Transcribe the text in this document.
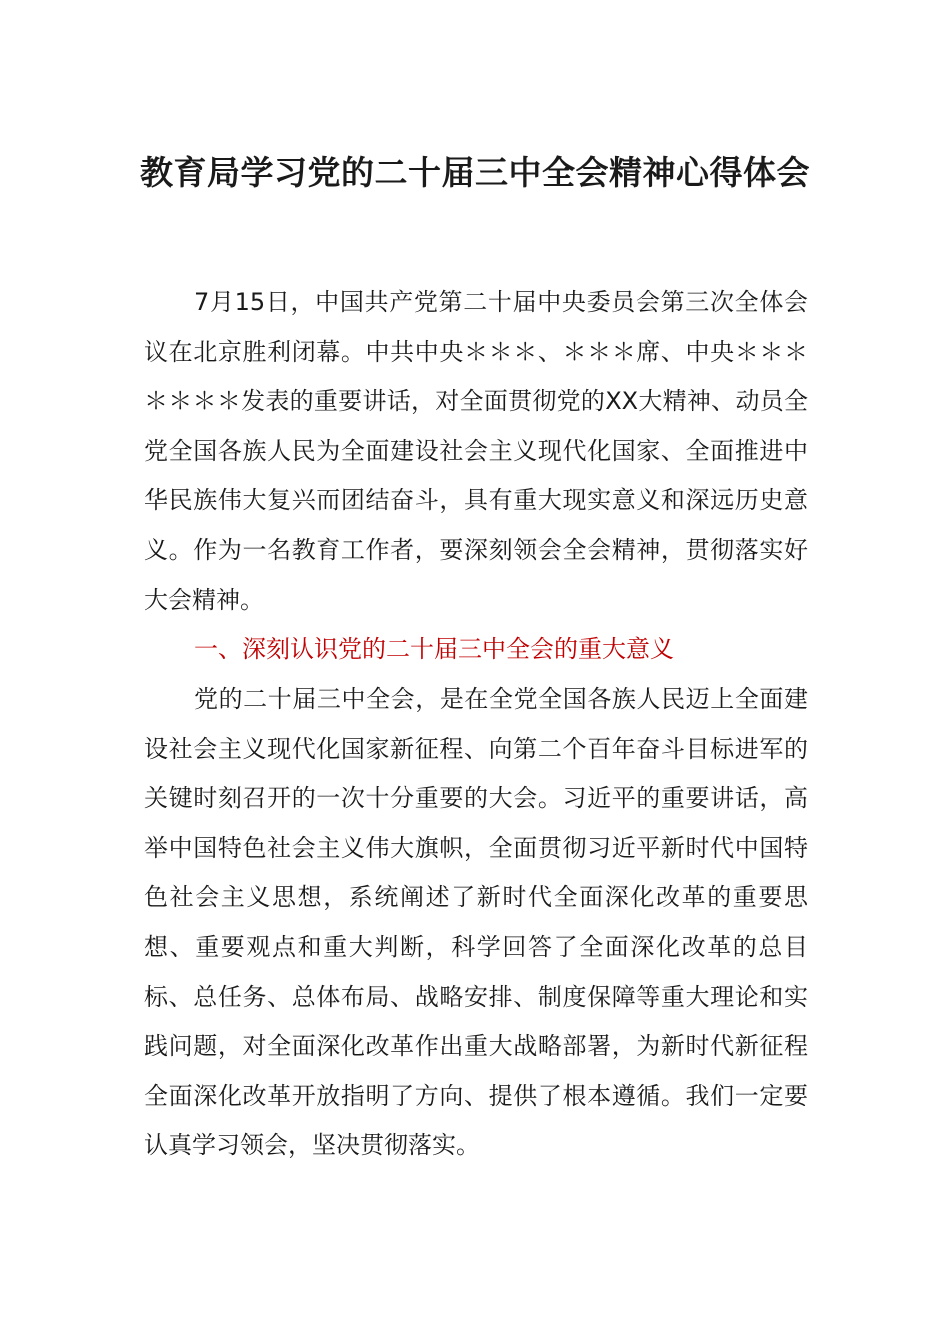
教育局学习党的二十届三中全会精神心得体会

7月15日，中国共产党第二十届中央委员会第三次全体会议在北京胜利闭幕。中共中央＊＊＊、＊＊＊席、中央＊＊＊＊＊＊＊发表的重要讲话，对全面贯彻党的XX大精神、动员全党全国各族人民为全面建设社会主义现代化国家、全面推进中华民族伟大复兴而团结奋斗，具有重大现实意义和深远历史意义。作为一名教育工作者，要深刻领会全会精神，贯彻落实好大会精神。

一、深刻认识党的二十届三中全会的重大意义

党的二十届三中全会，是在全党全国各族人民迈上全面建设社会主义现代化国家新征程、向第二个百年奋斗目标进军的关键时刻召开的一次十分重要的大会。习近平的重要讲话，高举中国特色社会主义伟大旗帜，全面贯彻习近平新时代中国特色社会主义思想，系统阐述了新时代全面深化改革的重要思想、重要观点和重大判断，科学回答了全面深化改革的总目标、总任务、总体布局、战略安排、制度保障等重大理论和实践问题，对全面深化改革作出重大战略部署，为新时代新征程全面深化改革开放指明了方向、提供了根本遵循。我们一定要认真学习领会，坚决贯彻落实。
